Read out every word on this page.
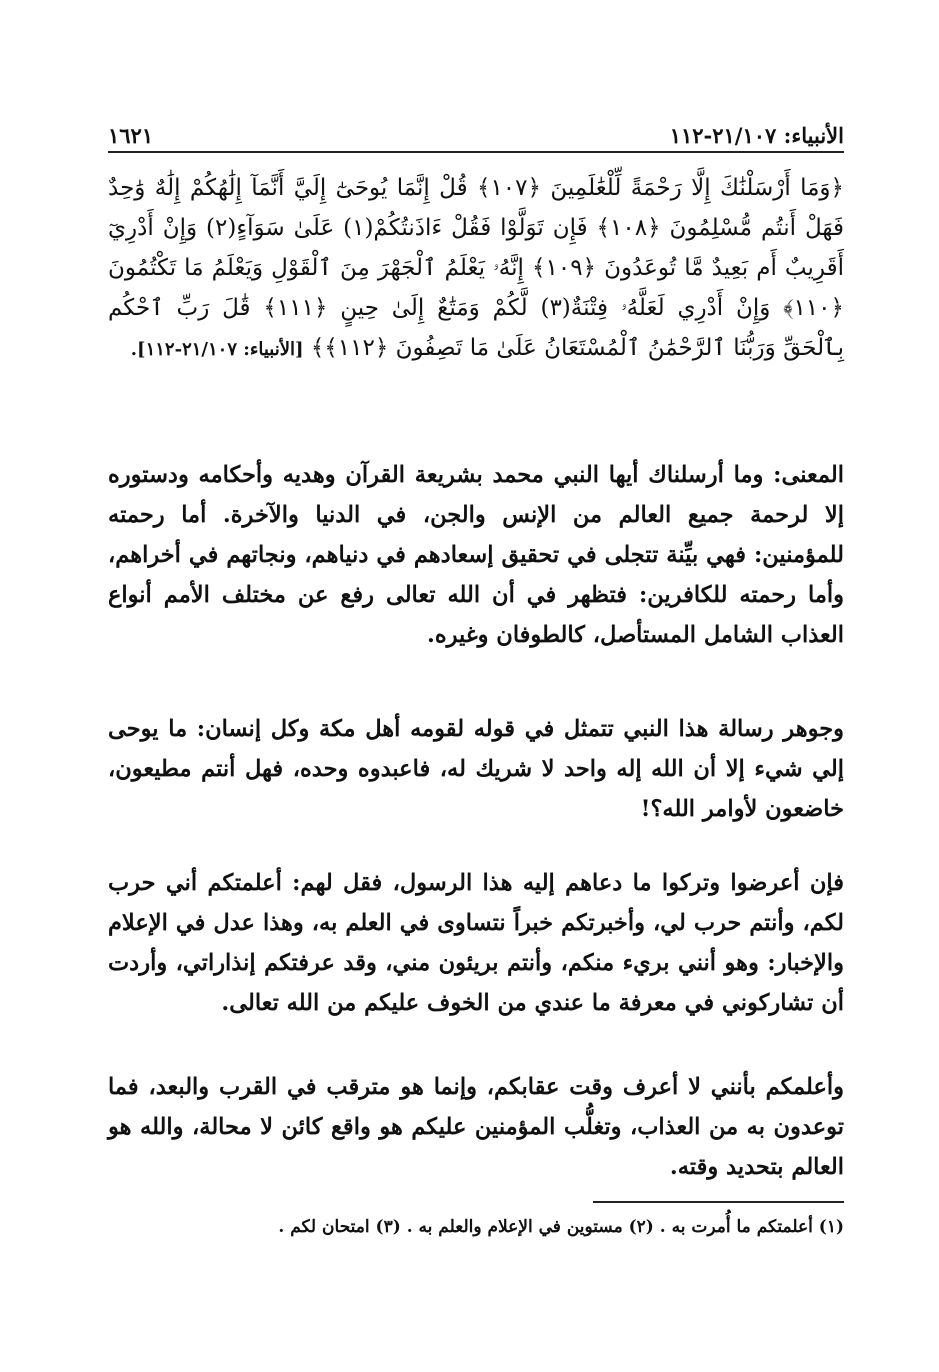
١٦٢١	الأنبياء: ٢١/١٠٧-١١٢
﴿وَمَا أَرْسَلْنَٰكَ إِلَّا رَحْمَةً لِّلْعَٰلَمِينَ ﴿١٠٧﴾ قُلْ إِنَّمَا يُوحَىٰٓ إِلَيَّ أَنَّمَآ إِلَٰهُكُمْ إِلَٰهٌ وَٰحِدٌ فَهَلْ أَنتُم مُّسْلِمُونَ ﴿١٠٨﴾ فَإِن تَوَلَّوْا فَقُلْ ءَاذَنتُكُمْ(١) عَلَىٰ سَوَآءٍ(٢) وَإِنْ أَدْرِيٓ أَقَرِيبٌ أَم بَعِيدٌ مَّا تُوعَدُونَ ﴿١٠٩﴾ إِنَّهُۥ يَعْلَمُ ٱلْجَهْرَ مِنَ ٱلْقَوْلِ وَيَعْلَمُ مَا تَكْتُمُونَ ﴿١١٠﴾ وَإِنْ أَدْرِي لَعَلَّهُۥ فِتْنَةٌ(٣) لَّكُمْ وَمَتَٰعٌ إِلَىٰ حِينٍ ﴿١١١﴾ قَٰلَ رَبِّ ٱحْكُم بِٱلْحَقِّ وَرَبُّنَا ٱلرَّحْمَٰنُ ٱلْمُسْتَعَانُ عَلَىٰ مَا تَصِفُونَ ﴿١١٢﴾﴾ [الأنبياء: ٢١/١٠٧-١١٢].

المعنى: وما أرسلناك أيها النبي محمد بشريعة القرآن وهديه وأحكامه ودستوره إلا لرحمة جميع العالم من الإنس والجن، في الدنيا والآخرة. أما رحمته للمؤمنين: فهي بيِّنة تتجلى في تحقيق إسعادهم في دنياهم، ونجاتهم في أخراهم، وأما رحمته للكافرين: فتظهر في أن الله تعالى رفع عن مختلف الأمم أنواع العذاب الشامل المستأصل، كالطوفان وغيره.

وجوهر رسالة هذا النبي تتمثل في قوله لقومه أهل مكة وكل إنسان: ما يوحى إلي شيء إلا أن الله إله واحد لا شريك له، فاعبدوه وحده، فهل أنتم مطيعون، خاضعون لأوامر الله؟!

فإن أعرضوا وتركوا ما دعاهم إليه هذا الرسول، فقل لهم: أعلمتكم أني حرب لكم، وأنتم حرب لي، وأخبرتكم خبراً نتساوى في العلم به، وهذا عدل في الإعلام والإخبار: وهو أنني بريء منكم، وأنتم بريئون مني، وقد عرفتكم إنذاراتي، وأردت أن تشاركوني في معرفة ما عندي من الخوف عليكم من الله تعالى.

وأعلمكم بأنني لا أعرف وقت عقابكم، وإنما هو مترقب في القرب والبعد، فما توعدون به من العذاب، وتغلُّب المؤمنين عليكم هو واقع كائن لا محالة، والله هو العالم بتحديد وقته.

(١) أعلمتكم ما أُمرت به . (٢) مستوين في الإعلام والعلم به . (٣) امتحان لكم .
